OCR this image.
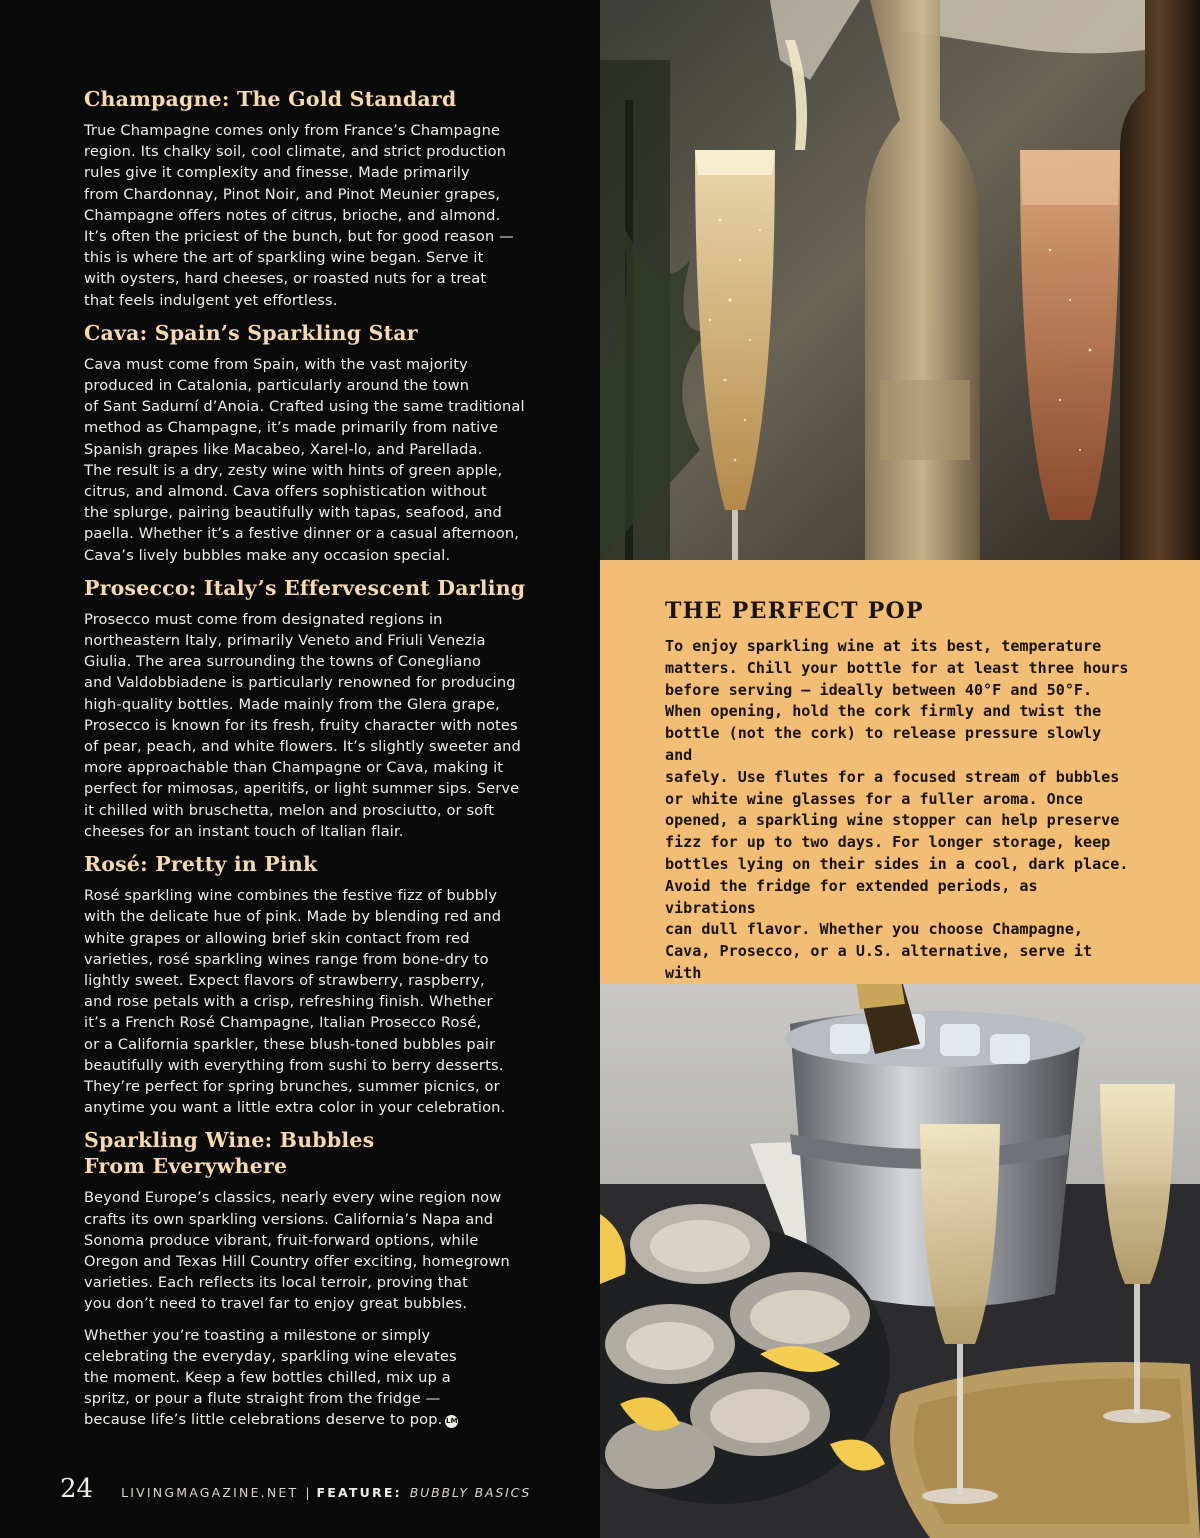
Champagne: The Gold Standard

True Champagne comes only from France’s Champagne
region. Its chalky soil, cool climate, and strict production
rules give it complexity and finesse. Made primarily
from Chardonnay, Pinot Noir, and Pinot Meunier grapes,
Champagne offers notes of citrus, brioche, and almond.
It’s often the priciest of the bunch, but for good reason —
this is where the art of sparkling wine began. Serve it
with oysters, hard cheeses, or roasted nuts for a treat
that feels indulgent yet effortless.

Cava: Spain’s Sparkling Star

Cava must come from Spain, with the vast majority
produced in Catalonia, particularly around the town
of Sant Sadurní d’Anoia. Crafted using the same traditional
method as Champagne, it’s made primarily from native
Spanish grapes like Macabeo, Xarel-lo, and Parellada.
The result is a dry, zesty wine with hints of green apple,
citrus, and almond. Cava offers sophistication without
the splurge, pairing beautifully with tapas, seafood, and
paella. Whether it’s a festive dinner or a casual afternoon,
Cava’s lively bubbles make any occasion special.

Prosecco: Italy’s Effervescent Darling

Prosecco must come from designated regions in
northeastern Italy, primarily Veneto and Friuli Venezia
Giulia. The area surrounding the towns of Conegliano
and Valdobbiadene is particularly renowned for producing
high-quality bottles. Made mainly from the Glera grape,
Prosecco is known for its fresh, fruity character with notes
of pear, peach, and white flowers. It’s slightly sweeter and
more approachable than Champagne or Cava, making it
perfect for mimosas, aperitifs, or light summer sips. Serve
it chilled with bruschetta, melon and prosciutto, or soft
cheeses for an instant touch of Italian flair.

Rosé: Pretty in Pink

Rosé sparkling wine combines the festive fizz of bubbly
with the delicate hue of pink. Made by blending red and
white grapes or allowing brief skin contact from red
varieties, rosé sparkling wines range from bone-dry to
lightly sweet. Expect flavors of strawberry, raspberry,
and rose petals with a crisp, refreshing finish. Whether
it’s a French Rosé Champagne, Italian Prosecco Rosé,
or a California sparkler, these blush-toned bubbles pair
beautifully with everything from sushi to berry desserts.
They’re perfect for spring brunches, summer picnics, or
anytime you want a little extra color in your celebration.

Sparkling Wine: Bubbles
From Everywhere

Beyond Europe’s classics, nearly every wine region now
crafts its own sparkling versions. California’s Napa and
Sonoma produce vibrant, fruit-forward options, while
Oregon and Texas Hill Country offer exciting, homegrown
varieties. Each reflects its local terroir, proving that
you don’t need to travel far to enjoy great bubbles.

Whether you’re toasting a milestone or simply
celebrating the everyday, sparkling wine elevates
the moment. Keep a few bottles chilled, mix up a
spritz, or pour a flute straight from the fridge —
because life’s little celebrations deserve to pop. LM

24 LIVINGMAGAZINE.NET | FEATURE: BUBBLY BASICS
THE PERFECT POP

To enjoy sparkling wine at its best, temperature
matters. Chill your bottle for at least three hours
before serving — ideally between 40°F and 50°F.
When opening, hold the cork firmly and twist the
bottle (not the cork) to release pressure slowly and
safely. Use flutes for a focused stream of bubbles
or white wine glasses for a fuller aroma. Once
opened, a sparkling wine stopper can help preserve
fizz for up to two days. For longer storage, keep
bottles lying on their sides in a cool, dark place.
Avoid the fridge for extended periods, as vibrations
can dull flavor. Whether you choose Champagne,
Cava, Prosecco, or a U.S. alternative, serve it with
